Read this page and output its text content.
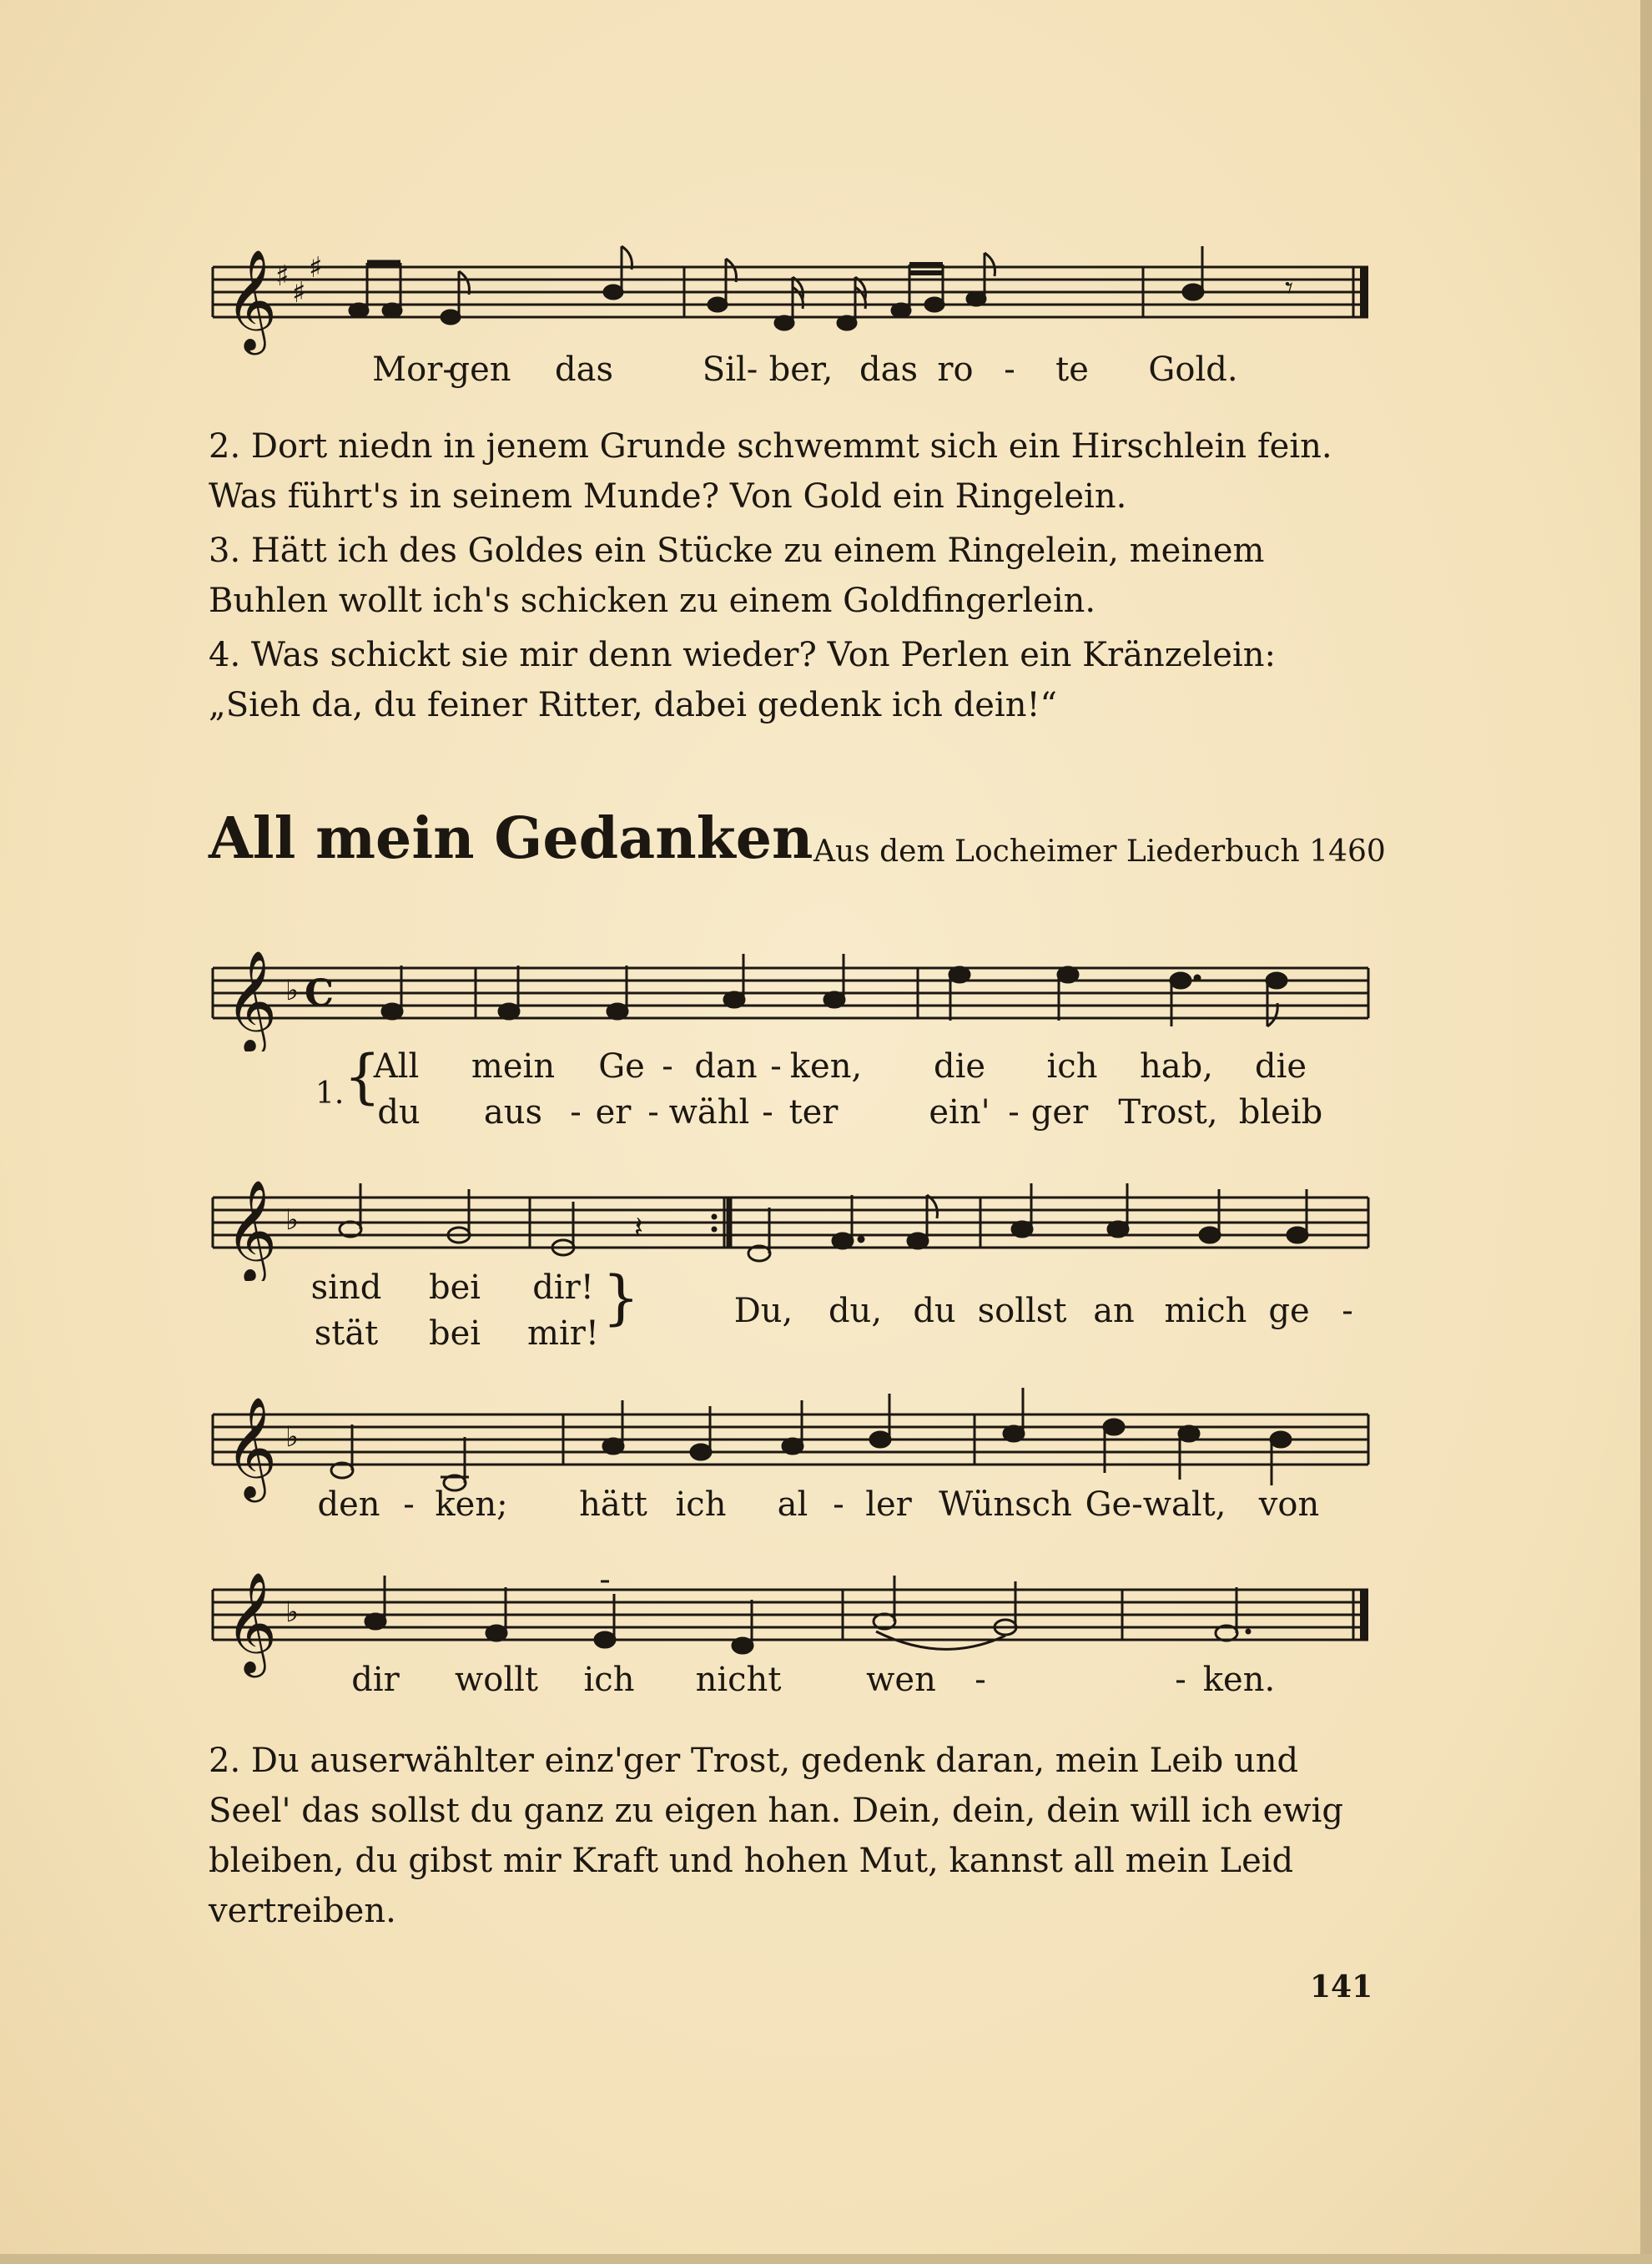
𝄞
♯ ♯
♯
𝄾
Mor-
gen das	Sil- ber, das ro - te Gold.

2. Dort niedn in jenem Grunde schwemmt sich ein Hirschlein fein. Was führt's in seinem Munde? Von Gold ein Ringelein.

3. Hätt ich des Goldes ein Stücke zu einem Ringelein, meinem Buhlen wollt ich's schicken zu einem Goldfingerlein.

4. Was schickt sie mir denn wieder? Von Perlen ein Kränzelein: „Sieh da, du feiner Ritter, dabei gedenk ich dein!“

All mein Gedanken Aus dem Locheimer Liederbuch 1460
𝄞 ♭ C
1. {
All mein Ge - dan - ken, die ich hab, die
du aus - er - wähl - ter	ein' - ger Trost, bleib
𝄞 ♭	𝄽
sind bei dir!
stät bei mir!
}	Du, du, du sollst an mich ge -
𝄞 ♭
den - ken; hätt ich al - ler Wünsch Ge-walt, von
𝄞 ♭
dir wollt ich nicht	wen -	- ken.

2. Du auserwählter einz'ger Trost, gedenk daran, mein Leib und Seel' das sollst du ganz zu eigen han. Dein, dein, dein will ich ewig bleiben, du gibst mir Kraft und hohen Mut, kannst all mein Leid vertreiben.

141
